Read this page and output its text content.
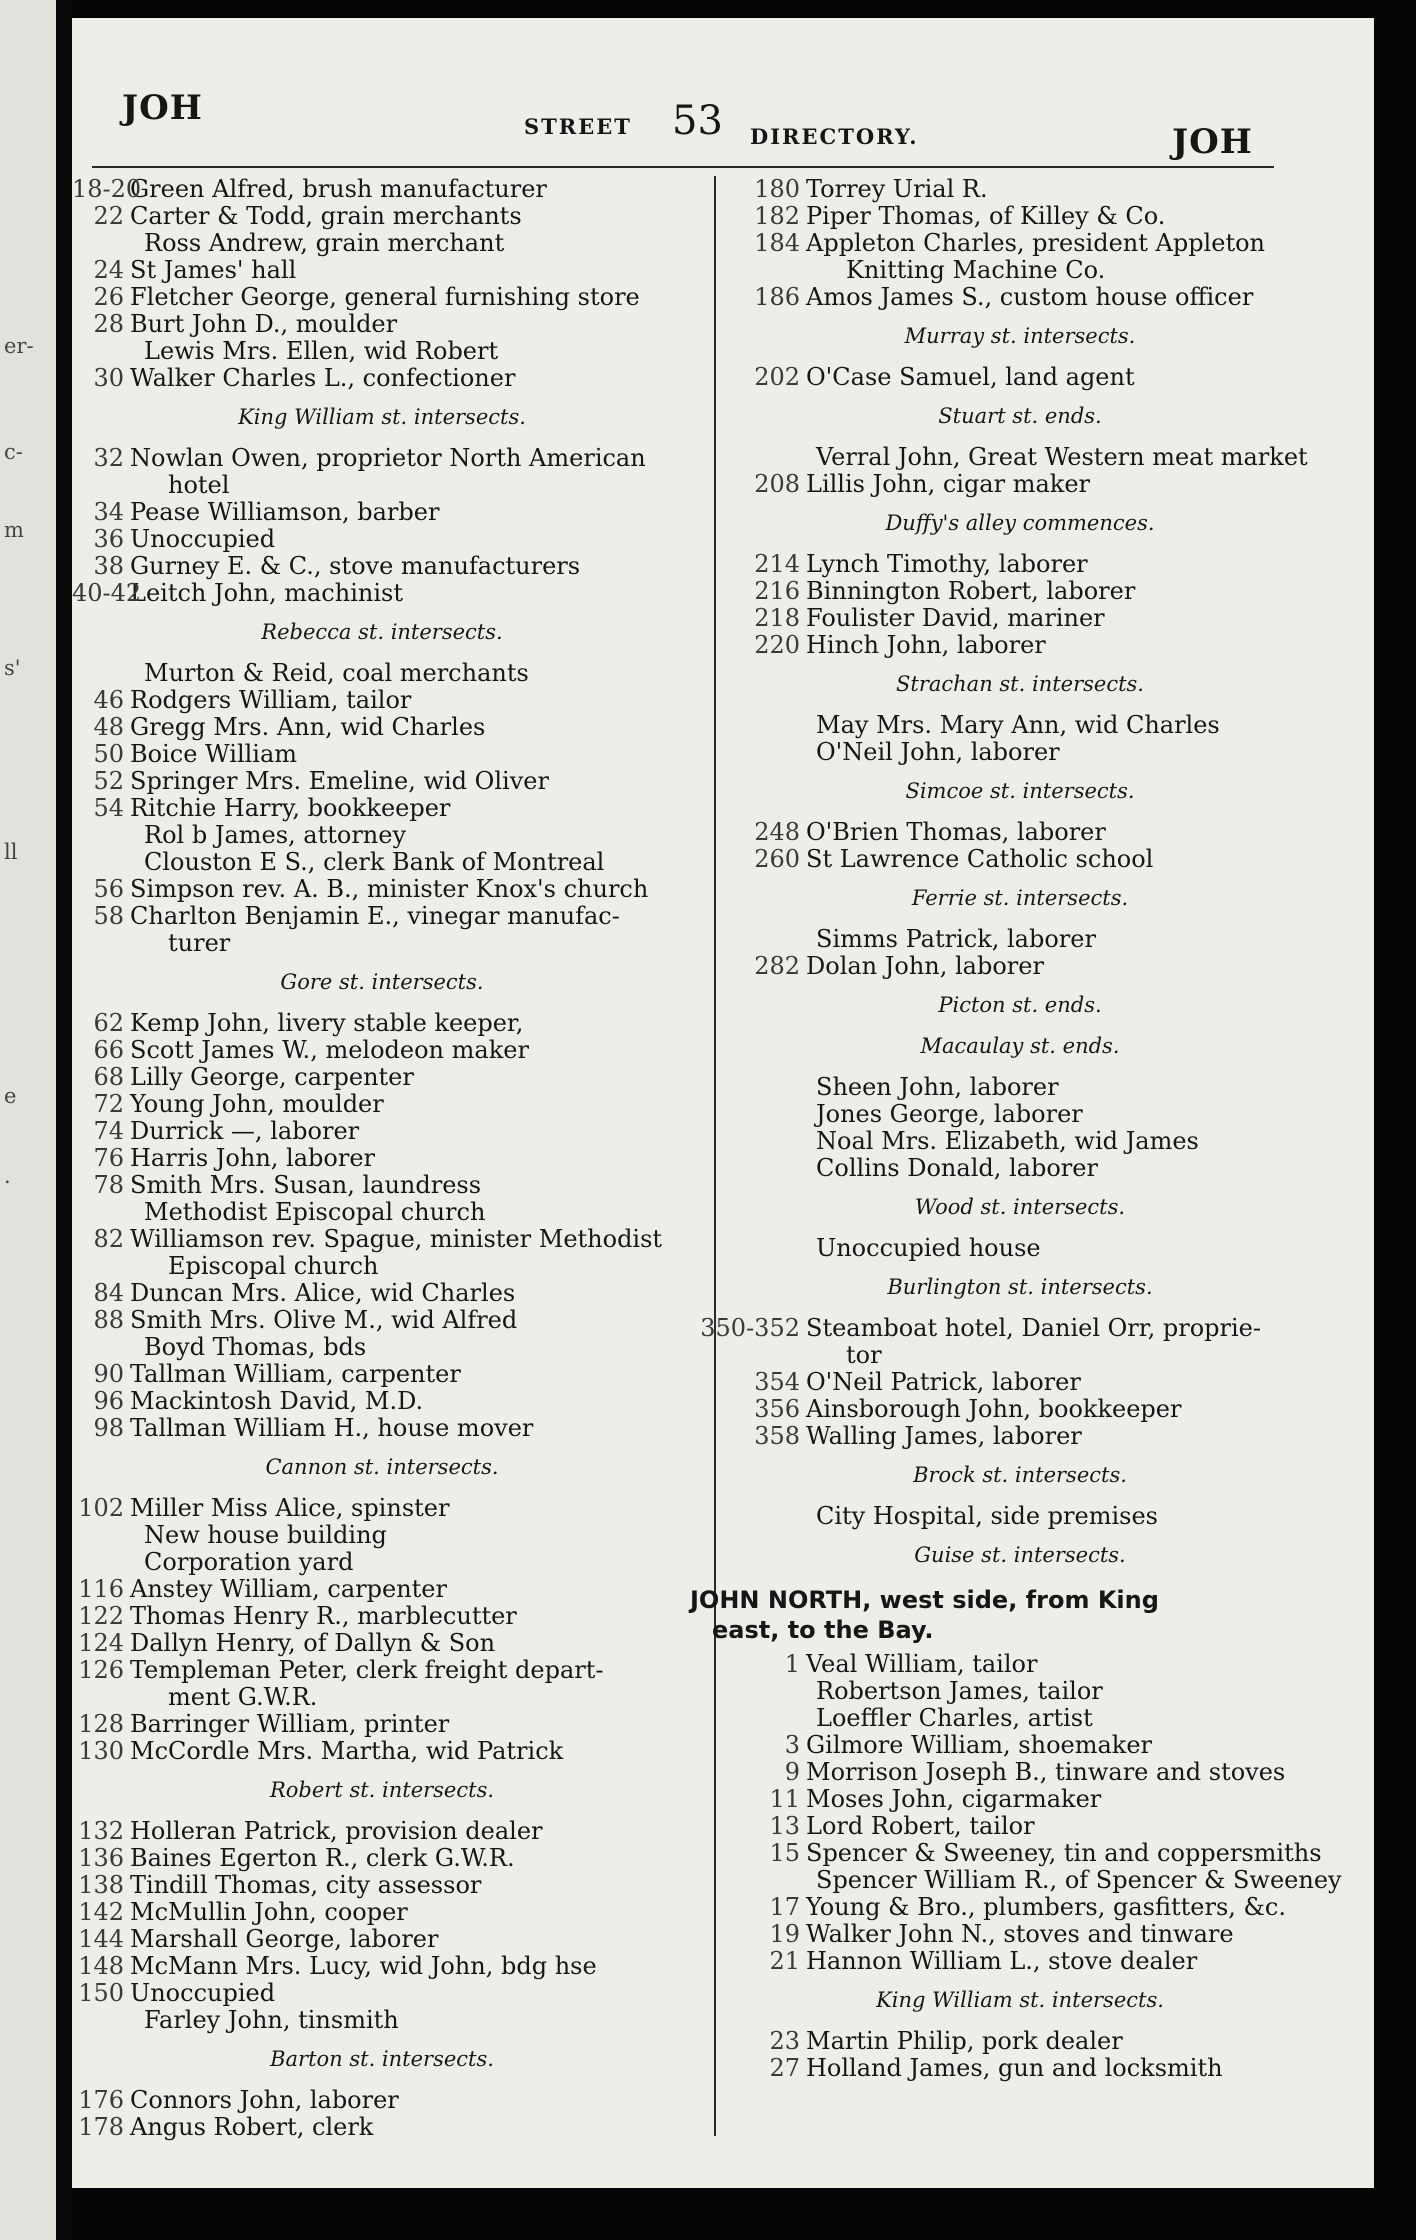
er-
c-
m
s'
ll
e
.
JOH	STREET 53 DIRECTORY.	JOH
18-20
Green Alfred, brush manufacturer
22 Carter & Todd, grain merchants
Ross Andrew, grain merchant
24 St James' hall
26 Fletcher George, general furnishing store
28 Burt John D., moulder
Lewis Mrs. Ellen, wid Robert
30 Walker Charles L., confectioner
King William st. intersects.
32 Nowlan Owen, proprietor North American
hotel
34 Pease Williamson, barber
36 Unoccupied
38 Gurney E. & C., stove manufacturers
40-42
Leitch John, machinist
Rebecca st. intersects.
Murton & Reid, coal merchants
46 Rodgers William, tailor
48 Gregg Mrs. Ann, wid Charles
50 Boice William
52 Springer Mrs. Emeline, wid Oliver
54 Ritchie Harry, bookkeeper
Rol b James, attorney
Clouston E S., clerk Bank of Montreal
56 Simpson rev. A. B., minister Knox's church
58 Charlton Benjamin E., vinegar manufac-
turer
Gore st. intersects.
62 Kemp John, livery stable keeper,
66 Scott James W., melodeon maker
68 Lilly George, carpenter
72 Young John, moulder
74 Durrick —, laborer
76 Harris John, laborer
78 Smith Mrs. Susan, laundress
Methodist Episcopal church
82 Williamson rev. Spague, minister Methodist
Episcopal church
84 Duncan Mrs. Alice, wid Charles
88 Smith Mrs. Olive M., wid Alfred
Boyd Thomas, bds
90 Tallman William, carpenter
96 Mackintosh David, M.D.
98 Tallman William H., house mover
Cannon st. intersects.
102 Miller Miss Alice, spinster
New house building
Corporation yard
116 Anstey William, carpenter
122 Thomas Henry R., marblecutter
124 Dallyn Henry, of Dallyn & Son
126 Templeman Peter, clerk freight depart-
ment G.W.R.
128 Barringer William, printer
130 McCordle Mrs. Martha, wid Patrick
Robert st. intersects.
132 Holleran Patrick, provision dealer
136 Baines Egerton R., clerk G.W.R.
138 Tindill Thomas, city assessor
142 McMullin John, cooper
144 Marshall George, laborer
148 McMann Mrs. Lucy, wid John, bdg hse
150 Unoccupied
Farley John, tinsmith
Barton st. intersects.
176 Connors John, laborer
178 Angus Robert, clerk
180 Torrey Urial R.
182 Piper Thomas, of Killey & Co.
184 Appleton Charles, president Appleton
Knitting Machine Co.
186 Amos James S., custom house officer
Murray st. intersects.
202 O'Case Samuel, land agent
Stuart st. ends.
Verral John, Great Western meat market
208 Lillis John, cigar maker
Duffy's alley commences.
214 Lynch Timothy, laborer
216 Binnington Robert, laborer
218 Foulister David, mariner
220 Hinch John, laborer
Strachan st. intersects.
May Mrs. Mary Ann, wid Charles
O'Neil John, laborer
Simcoe st. intersects.
248 O'Brien Thomas, laborer
260 St Lawrence Catholic school
Ferrie st. intersects.
Simms Patrick, laborer
282 Dolan John, laborer
Picton st. ends.
Macaulay st. ends.
Sheen John, laborer
Jones George, laborer
Noal Mrs. Elizabeth, wid James
Collins Donald, laborer
Wood st. intersects.
Unoccupied house
Burlington st. intersects.
350-352 Steamboat hotel, Daniel Orr, proprie-
tor
354 O'Neil Patrick, laborer
356 Ainsborough John, bookkeeper
358 Walling James, laborer
Brock st. intersects.
City Hospital, side premises
Guise st. intersects.
JOHN NORTH, west side, from King
east, to the Bay.
1 Veal William, tailor
Robertson James, tailor
Loeffler Charles, artist
3 Gilmore William, shoemaker
9 Morrison Joseph B., tinware and stoves
11 Moses John, cigarmaker
13 Lord Robert, tailor
15 Spencer & Sweeney, tin and coppersmiths
Spencer William R., of Spencer & Sweeney
17 Young & Bro., plumbers, gasfitters, &c.
19 Walker John N., stoves and tinware
21 Hannon William L., stove dealer
King William st. intersects.
23 Martin Philip, pork dealer
27 Holland James, gun and locksmith
